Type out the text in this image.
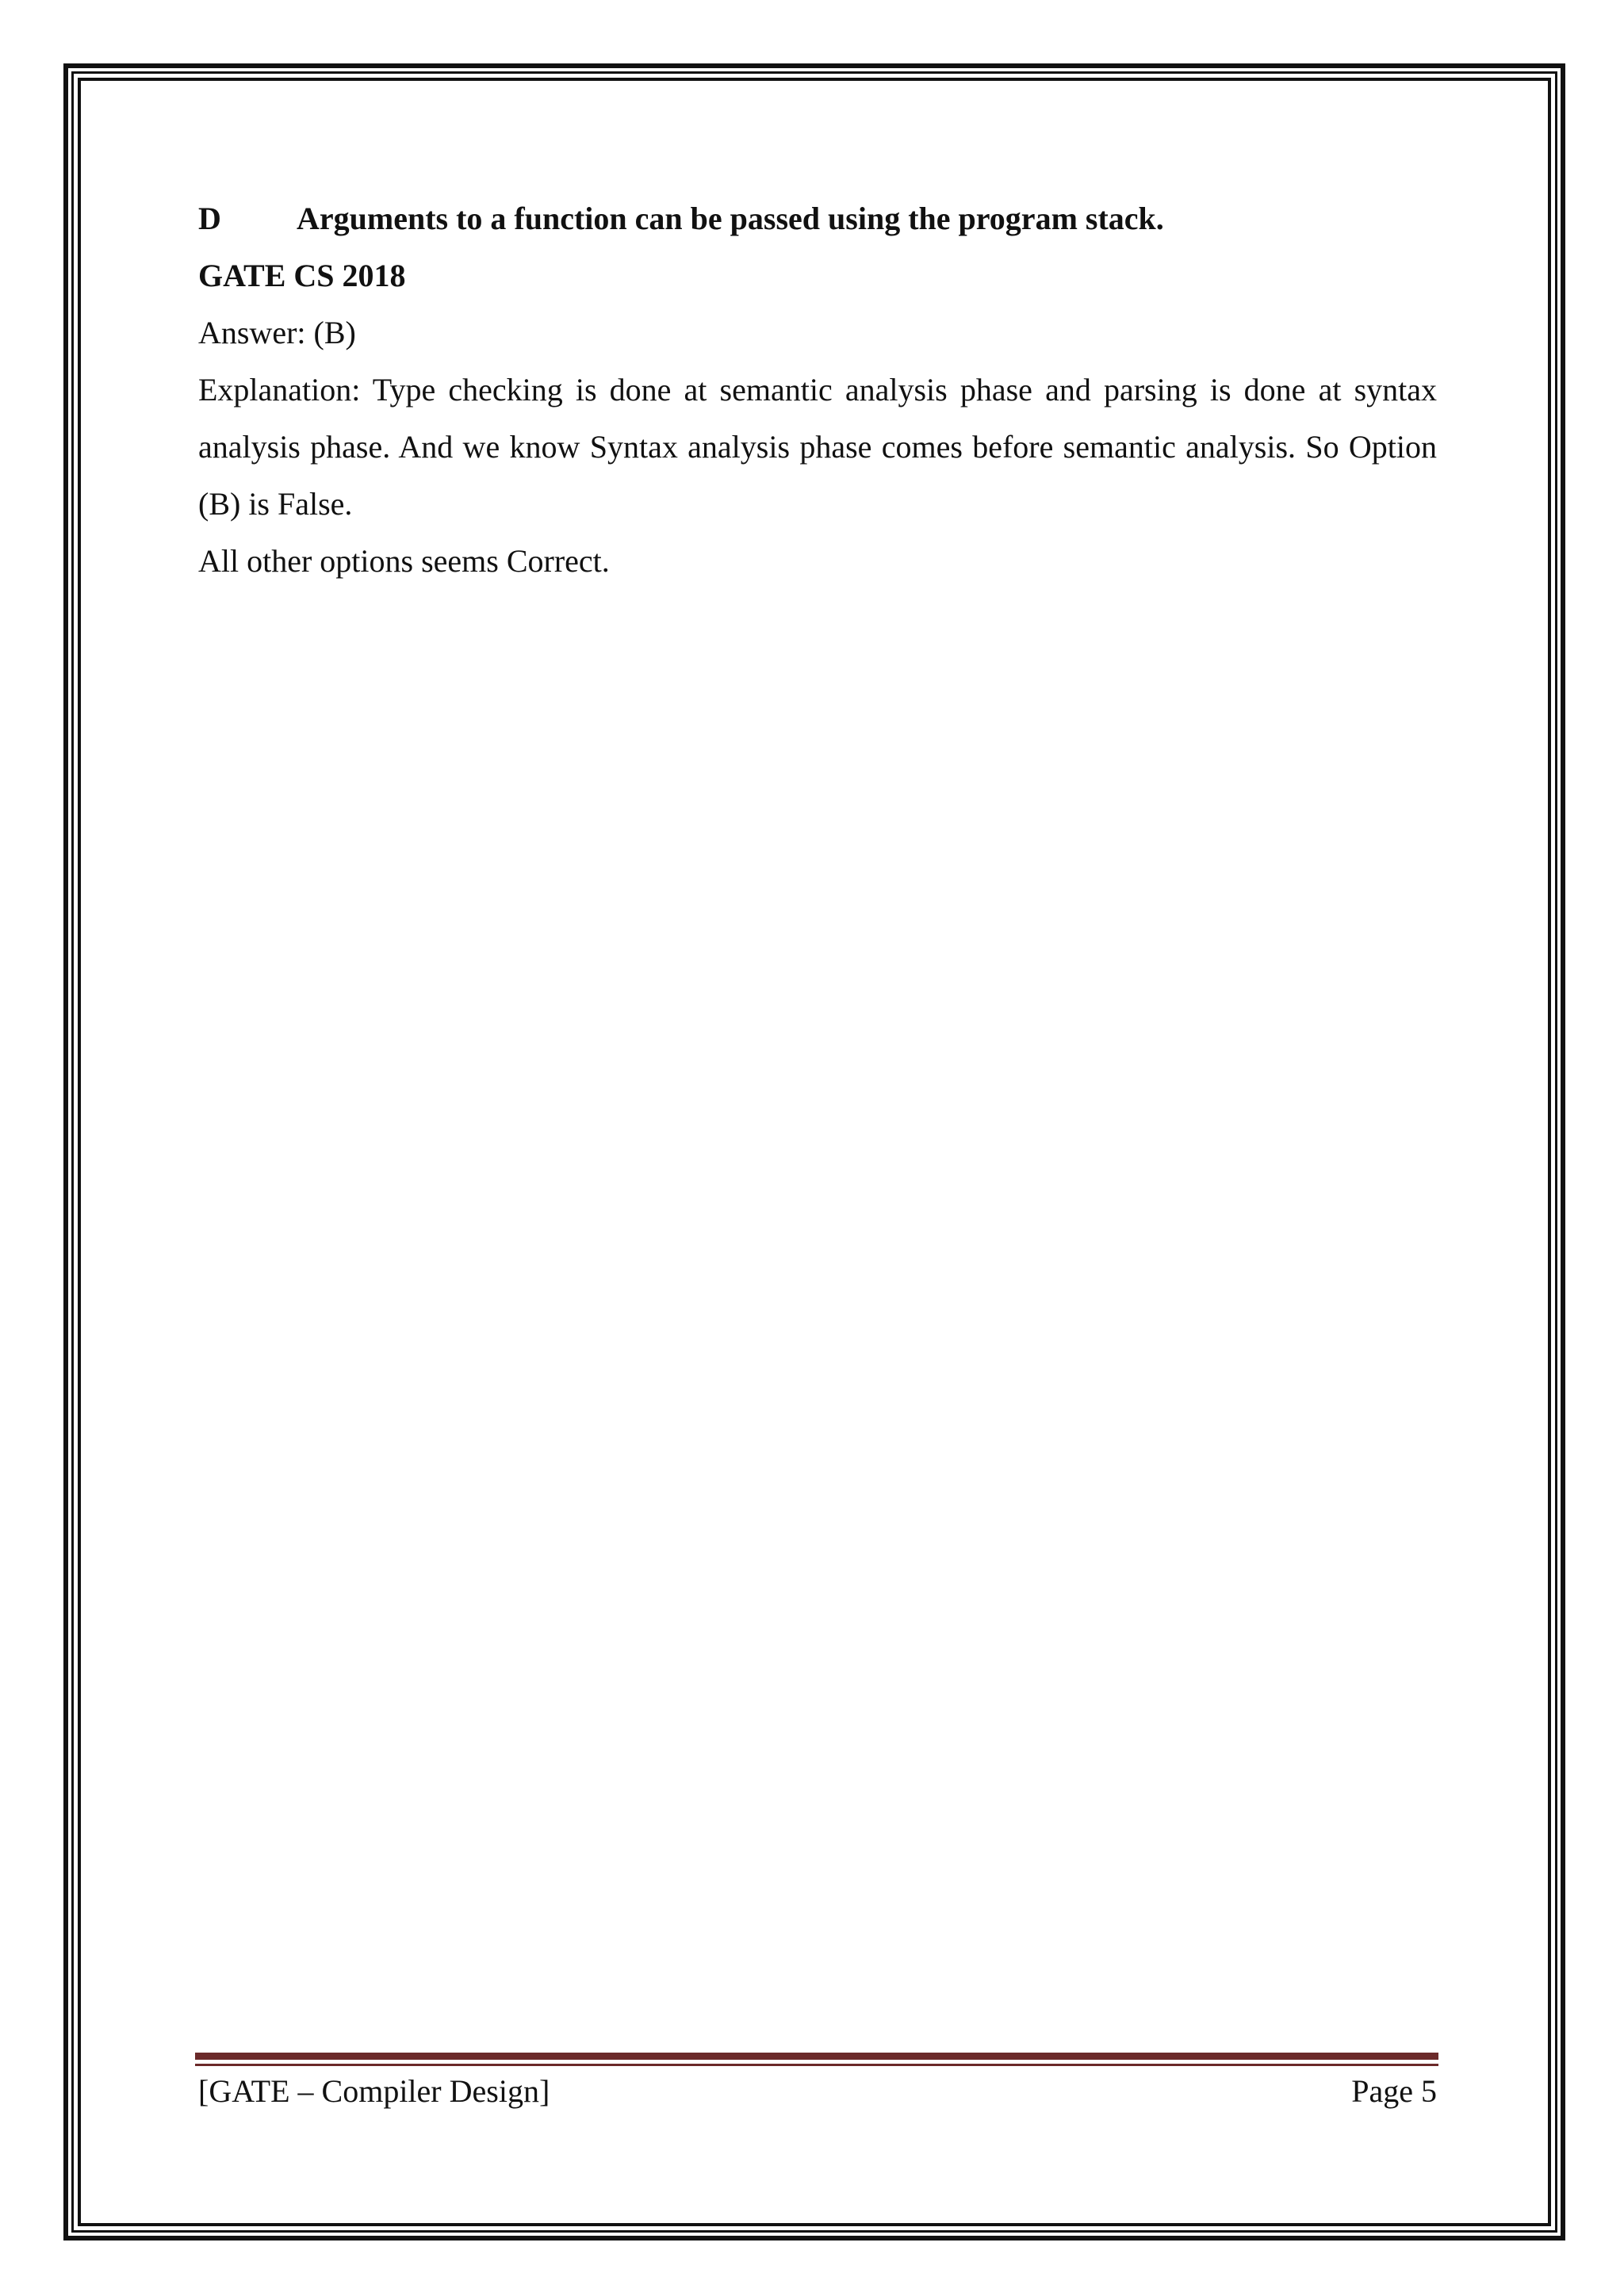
D	Arguments to a function can be passed using the program stack.

GATE CS 2018

Answer: (B)

Explanation: Type checking is done at semantic analysis phase and parsing is done at syntax analysis phase. And we know Syntax analysis phase comes before semantic analysis. So Option (B) is False.

All other options seems Correct.

[GATE – Compiler Design]	Page 5
